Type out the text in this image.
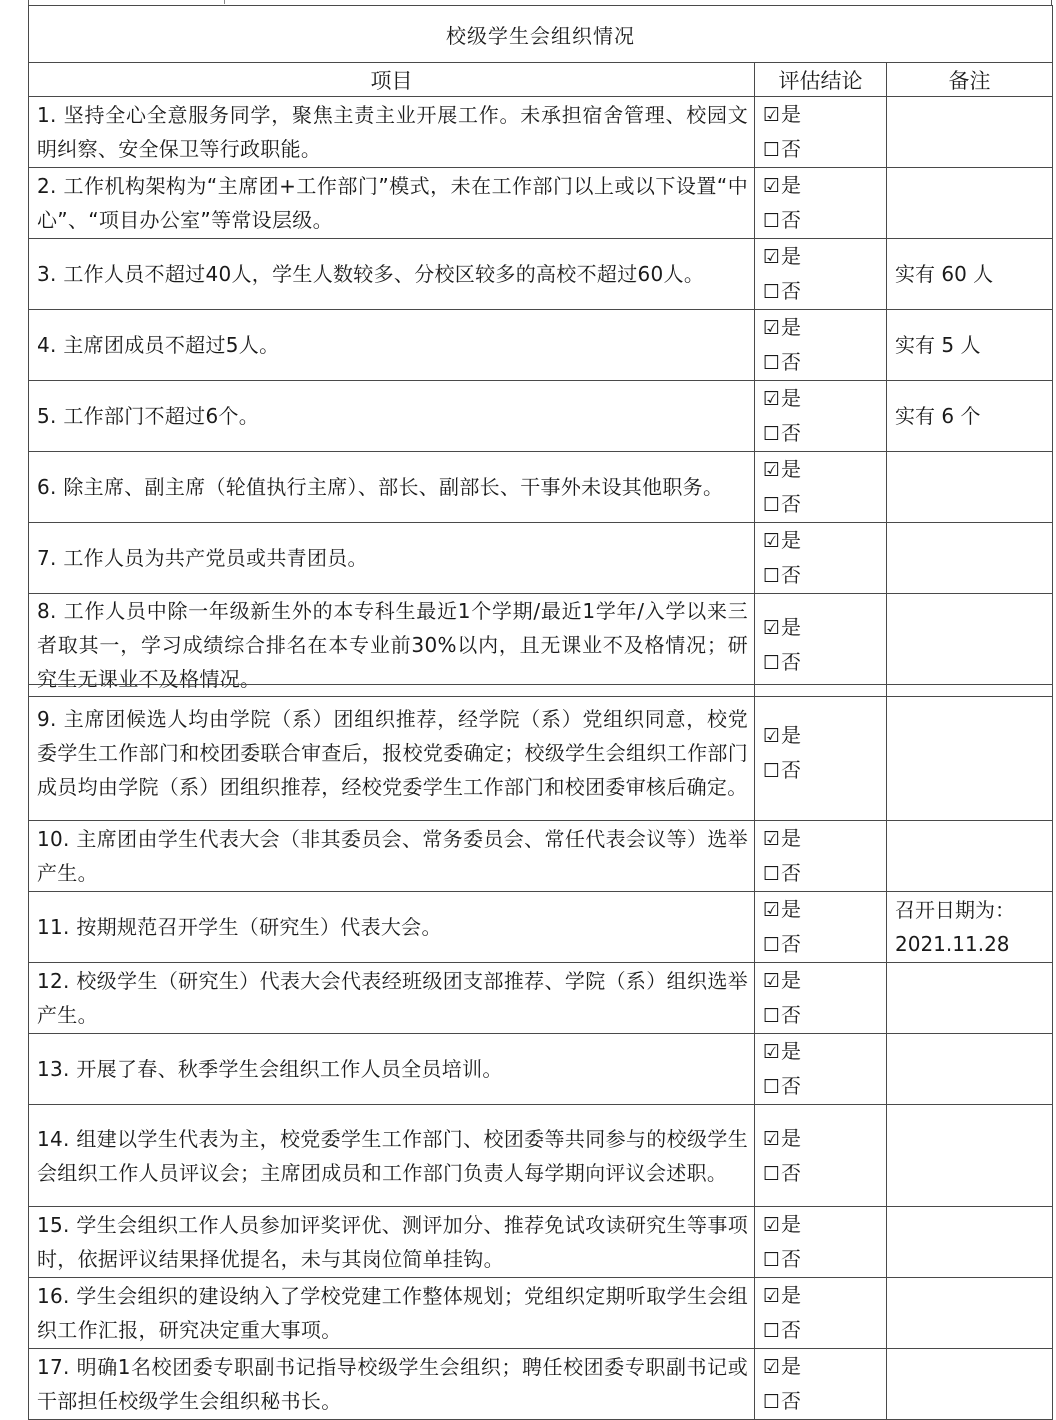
校级学生会组织情况		
项目	评估结论	备注
1. 坚持全心全意服务同学，聚焦主责主业开展工作。未承担宿舍管理、校园文明纠察、安全保卫等行政职能。	☑是
☐否	

2. 工作机构架构为“主席团+工作部门”模式，未在工作部门以上或以下设置“中心”、“项目办公室”等常设层级。	☑是
☐否	

3. 工作人员不超过40人，学生人数较多、分校区较多的高校不超过60人。	☑是
☐否	实有 60 人
4. 主席团成员不超过5人。	☑是
☐否	实有 5 人
5. 工作部门不超过6个。	☑是
☐否	实有 6 个
6. 除主席、副主席（轮值执行主席）、部长、副部长、干事外未设其他职务。	☑是
☐否	

7. 工作人员为共产党员或共青团员。	☑是
☐否	

8. 工作人员中除一年级新生外的本专科生最近1个学期/最近1学年/入学以来三者取其一，学习成绩综合排名在本专业前30%以内，且无课业不及格情况；研究生无课业不及格情况。	☑是
☐否	

9. 主席团候选人均由学院（系）团组织推荐，经学院（系）党组织同意，校党委学生工作部门和校团委联合审查后，报校党委确定；校级学生会组织工作部门成员均由学院（系）团组织推荐，经校党委学生工作部门和校团委审核后确定。	☑是
☐否	

10. 主席团由学生代表大会（非其委员会、常务委员会、常任代表会议等）选举产生。	☑是
☐否	

11. 按期规范召开学生（研究生）代表大会。	☑是
☐否	召开日期为：2021.11.28
12. 校级学生（研究生）代表大会代表经班级团支部推荐、学院（系）组织选举产生。	☑是
☐否	

13. 开展了春、秋季学生会组织工作人员全员培训。	☑是
☐否	

14. 组建以学生代表为主，校党委学生工作部门、校团委等共同参与的校级学生会组织工作人员评议会；主席团成员和工作部门负责人每学期向评议会述职。	☑是
☐否	

15. 学生会组织工作人员参加评奖评优、测评加分、推荐免试攻读研究生等事项时，依据评议结果择优提名，未与其岗位简单挂钩。	☑是
☐否	

16. 学生会组织的建设纳入了学校党建工作整体规划；党组织定期听取学生会组织工作汇报，研究决定重大事项。	☑是
☐否	

17. 明确1名校团委专职副书记指导校级学生会组织；聘任校团委专职副书记或干部担任校级学生会组织秘书长。	☑是
☐否	
